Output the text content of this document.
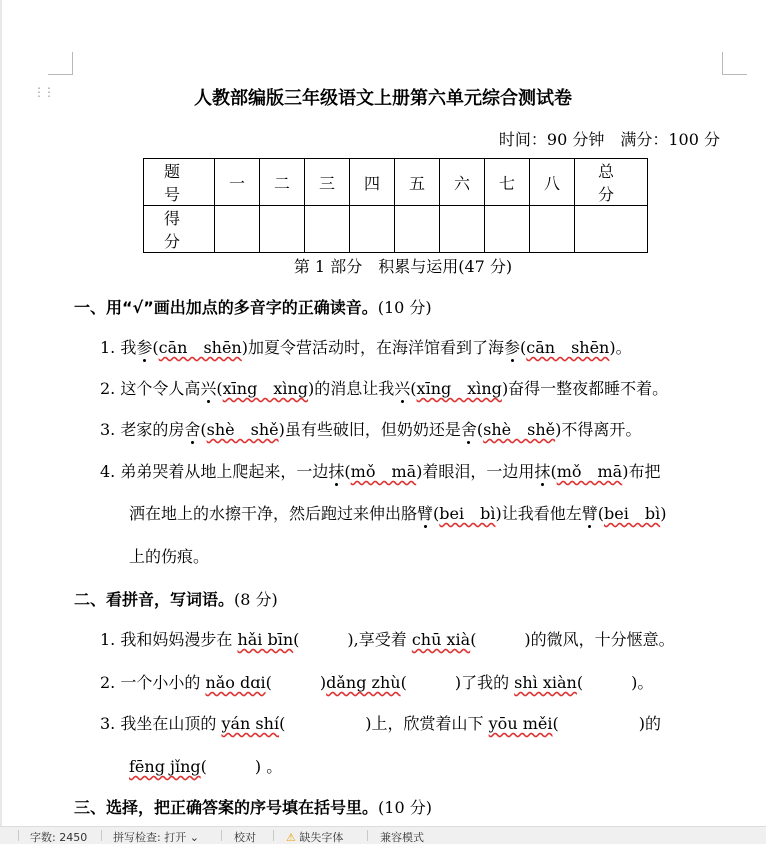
⋮⋮	人教部编版三年级语文上册第六单元综合测试卷
时间：90 分钟　满分：100 分
题　号	一	二	三	四	五	六	七	八	总　分
得　分									
第 1 部分　积累与运用(47 分)
一、用“√”画出加点的多音字的正确读音。(10 分)
1. 我参(cān　shēn)加夏令营活动时，在海洋馆看到了海参(cān　shēn)。
2. 这个令人高兴(xīng　xìng)的消息让我兴(xīng　xìng)奋得一整夜都睡不着。
3. 老家的房舍(shè　shě)虽有些破旧，但奶奶还是舍(shè　shě)不得离开。
4. 弟弟哭着从地上爬起来，一边抹(mǒ　mā)着眼泪，一边用抹(mǒ　mā)布把
洒在地上的水擦干净，然后跑过来伸出胳臂(bei　bì)让我看他左臂(bei　bì)
上的伤痕。
二、看拼音，写词语。(8 分)
1. 我和妈妈漫步在 hǎi bīn(　　　),享受着 chū xià(　　　)的微风，十分惬意。
2. 一个小小的 nǎo dɑi(　　　)dǎng zhù(　　　)了我的 shì xiàn(　　　)。
3. 我坐在山顶的 yán shí(　　　　　)上，欣赏着山下 yōu měi(　　　　　)的
fēng jǐng(　　　) 。
三、选择，把正确答案的序号填在括号里。(10 分)
字数: 2450 拼写检查: 打开 ⌄	校对	⚠ 缺失字体	兼容模式
